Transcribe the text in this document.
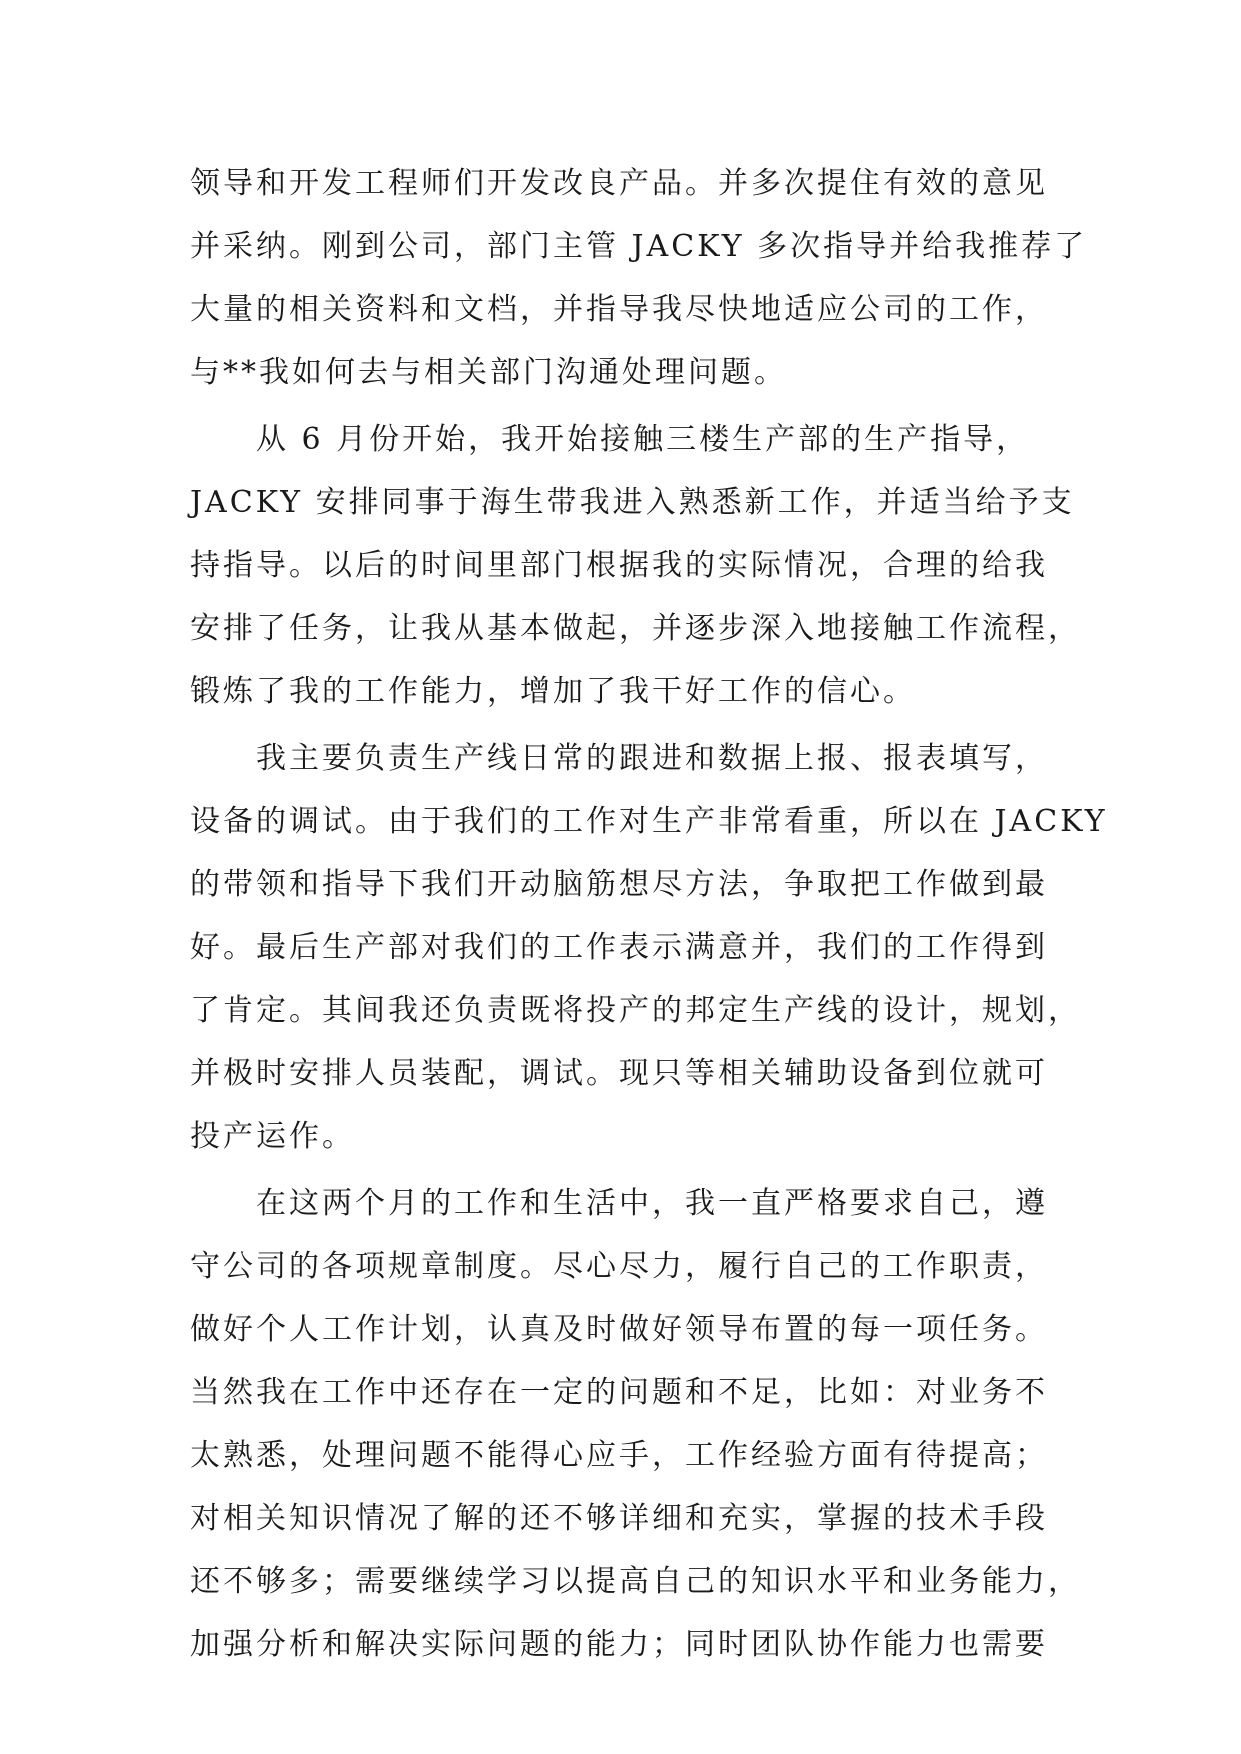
领导和开发工程师们开发改良产品。并多次提住有效的意见
并采纳。刚到公司，部门主管 JACKY 多次指导并给我推荐了
大量的相关资料和文档，并指导我尽快地适应公司的工作，
与**我如何去与相关部门沟通处理问题。
从 6 月份开始，我开始接触三楼生产部的生产指导，
JACKY 安排同事于海生带我进入熟悉新工作，并适当给予支
持指导。以后的时间里部门根据我的实际情况，合理的给我
安排了任务，让我从基本做起，并逐步深入地接触工作流程，
锻炼了我的工作能力，增加了我干好工作的信心。
我主要负责生产线日常的跟进和数据上报、报表填写，
设备的调试。由于我们的工作对生产非常看重，所以在 JACKY
的带领和指导下我们开动脑筋想尽方法，争取把工作做到最
好。最后生产部对我们的工作表示满意并，我们的工作得到
了肯定。其间我还负责既将投产的邦定生产线的设计，规划，
并极时安排人员装配，调试。现只等相关辅助设备到位就可
投产运作。
在这两个月的工作和生活中，我一直严格要求自己，遵
守公司的各项规章制度。尽心尽力，履行自己的工作职责，
做好个人工作计划，认真及时做好领导布置的每一项任务。
当然我在工作中还存在一定的问题和不足，比如：对业务不
太熟悉，处理问题不能得心应手，工作经验方面有待提高；
对相关知识情况了解的还不够详细和充实，掌握的技术手段
还不够多；需要继续学习以提高自己的知识水平和业务能力，
加强分析和解决实际问题的能力；同时团队协作能力也需要
